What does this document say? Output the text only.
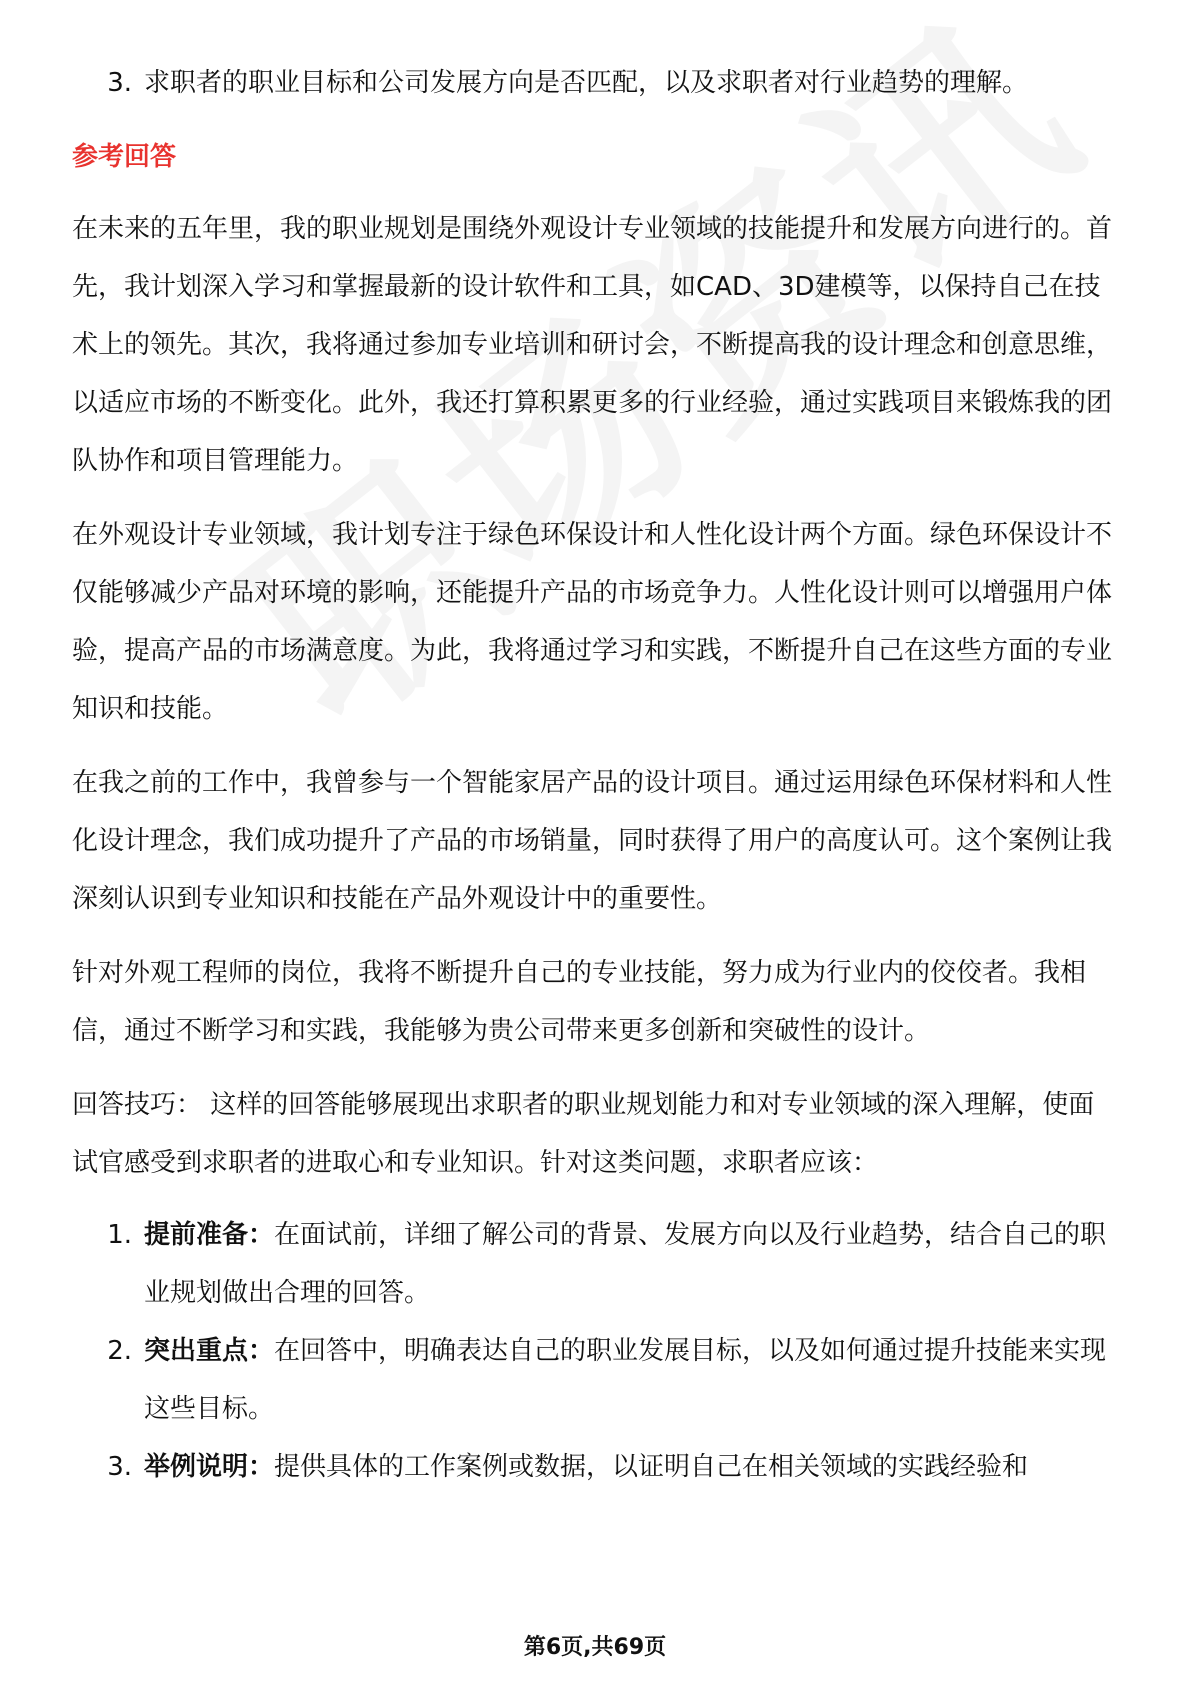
3. 求职者的职业目标和公司发展方向是否匹配，以及求职者对行业趋势的理解。
参考回答

在未来的五年里，我的职业规划是围绕外观设计专业领域的技能提升和发展方向进行的。首先，我计划深入学习和掌握最新的设计软件和工具，如CAD、3D建模等，以保持自己在技术上的领先。其次，我将通过参加专业培训和研讨会，不断提高我的设计理念和创意思维，以适应市场的不断变化。此外，我还打算积累更多的行业经验，通过实践项目来锻炼我的团队协作和项目管理能力。

在外观设计专业领域，我计划专注于绿色环保设计和人性化设计两个方面。绿色环保设计不仅能够减少产品对环境的影响，还能提升产品的市场竞争力。人性化设计则可以增强用户体验，提高产品的市场满意度。为此，我将通过学习和实践，不断提升自己在这些方面的专业知识和技能。

在我之前的工作中，我曾参与一个智能家居产品的设计项目。通过运用绿色环保材料和人性化设计理念，我们成功提升了产品的市场销量，同时获得了用户的高度认可。这个案例让我深刻认识到专业知识和技能在产品外观设计中的重要性。

针对外观工程师的岗位，我将不断提升自己的专业技能，努力成为行业内的佼佼者。我相信，通过不断学习和实践，我能够为贵公司带来更多创新和突破性的设计。

回答技巧： 这样的回答能够展现出求职者的职业规划能力和对专业领域的深入理解，使面试官感受到求职者的进取心和专业知识。针对这类问题，求职者应该：

1. 提前准备：在面试前，详细了解公司的背景、发展方向以及行业趋势，结合自己的职业规划做出合理的回答。
2. 突出重点：在回答中，明确表达自己的职业发展目标，以及如何通过提升技能来实现这些目标。
3. 举例说明：提供具体的工作案例或数据，以证明自己在相关领域的实践经验和
第6页,共69页
